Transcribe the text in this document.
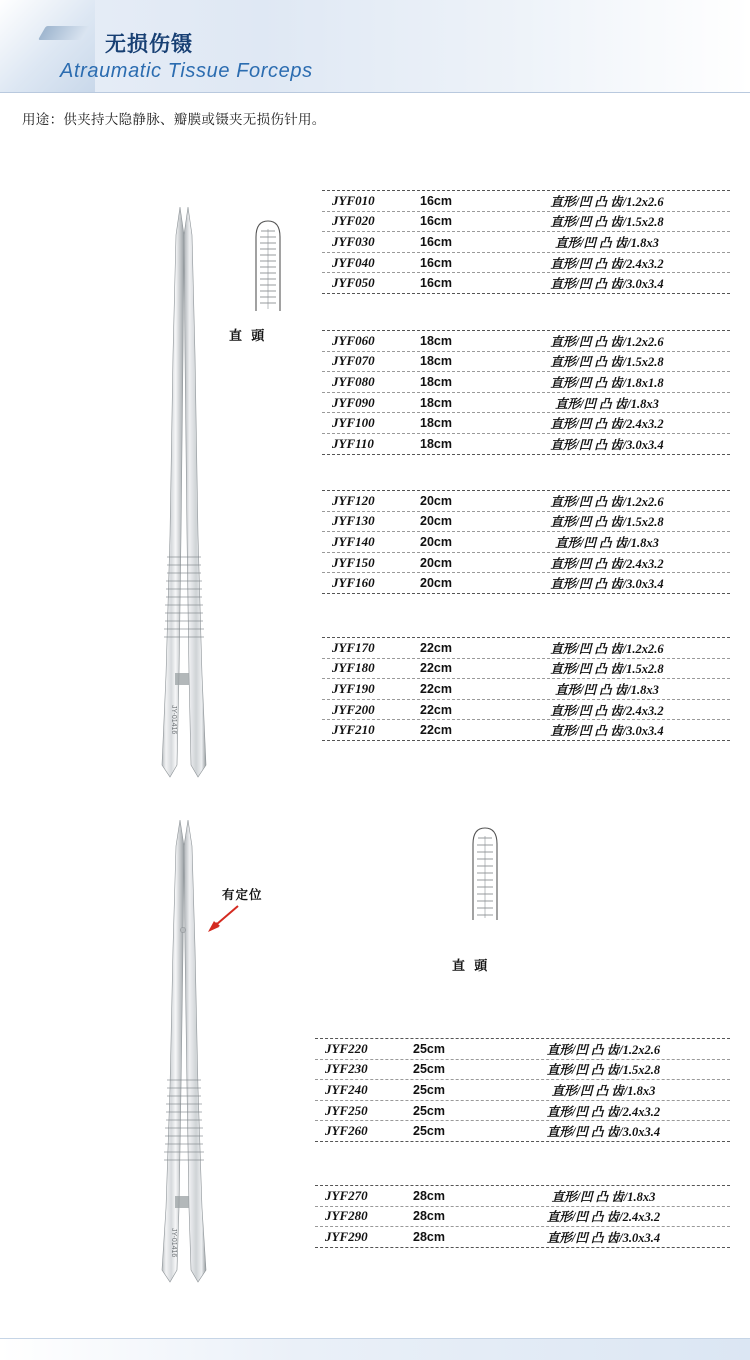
无损伤镊
Atraumatic Tissue Forceps
用途：供夹持大隐静脉、瓣膜或镊夹无损伤针用。
JY-01416
直 頭
JYF010	16cm	直形/凹 凸 齿/1.2x2.6
JYF020	16cm	直形/凹 凸 齿/1.5x2.8
JYF030	16cm	直形/凹 凸 齿/1.8x3
JYF040	16cm	直形/凹 凸 齿/2.4x3.2
JYF050	16cm	直形/凹 凸 齿/3.0x3.4
JYF060	18cm	直形/凹 凸 齿/1.2x2.6
JYF070	18cm	直形/凹 凸 齿/1.5x2.8
JYF080	18cm	直形/凹 凸 齿/1.8x1.8
JYF090	18cm	直形/凹 凸 齿/1.8x3
JYF100	18cm	直形/凹 凸 齿/2.4x3.2
JYF110	18cm	直形/凹 凸 齿/3.0x3.4
JYF120	20cm	直形/凹 凸 齿/1.2x2.6
JYF130	20cm	直形/凹 凸 齿/1.5x2.8
JYF140	20cm	直形/凹 凸 齿/1.8x3
JYF150	20cm	直形/凹 凸 齿/2.4x3.2
JYF160	20cm	直形/凹 凸 齿/3.0x3.4
JYF170	22cm	直形/凹 凸 齿/1.2x2.6
JYF180	22cm	直形/凹 凸 齿/1.5x2.8
JYF190	22cm	直形/凹 凸 齿/1.8x3
JYF200	22cm	直形/凹 凸 齿/2.4x3.2
JYF210	22cm	直形/凹 凸 齿/3.0x3.4
JY-01416
有定位
直 頭
JYF220	25cm	直形/凹 凸 齿/1.2x2.6
JYF230	25cm	直形/凹 凸 齿/1.5x2.8
JYF240	25cm	直形/凹 凸 齿/1.8x3
JYF250	25cm	直形/凹 凸 齿/2.4x3.2
JYF260	25cm	直形/凹 凸 齿/3.0x3.4
JYF270	28cm	直形/凹 凸 齿/1.8x3
JYF280	28cm	直形/凹 凸 齿/2.4x3.2
JYF290	28cm	直形/凹 凸 齿/3.0x3.4
